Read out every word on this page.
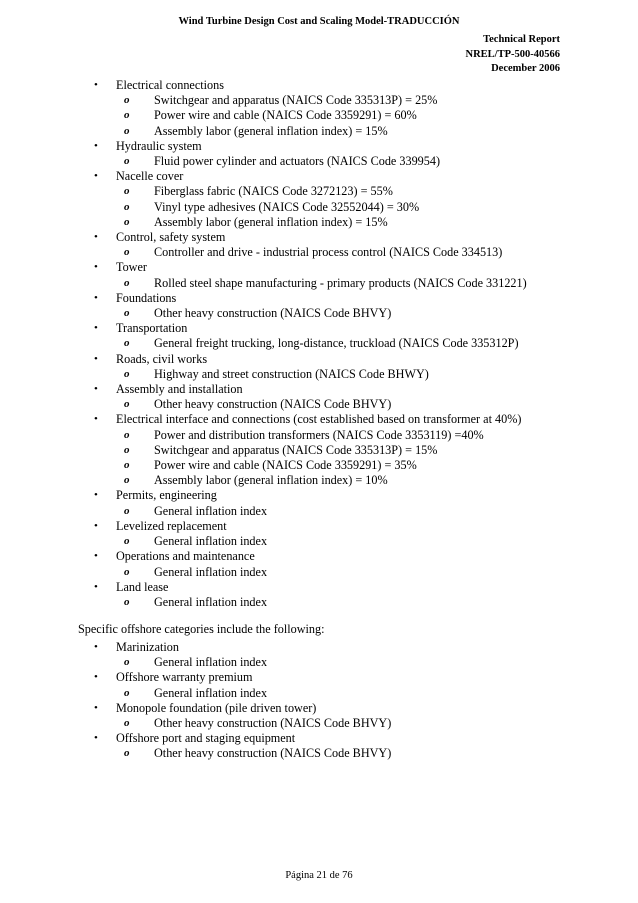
Wind Turbine Design Cost and Scaling Model-TRADUCCIÓN
Technical Report
NREL/TP-500-40566
December 2006
• Electrical connections
o Switchgear and apparatus (NAICS Code 335313P) = 25%
o Power wire and cable (NAICS Code 3359291) = 60%
o Assembly labor (general inflation index) = 15%
• Hydraulic system
o Fluid power cylinder and actuators (NAICS Code 339954)
• Nacelle cover
o Fiberglass fabric (NAICS Code 3272123) = 55%
o Vinyl type adhesives (NAICS Code 32552044) = 30%
o Assembly labor (general inflation index) = 15%
• Control, safety system
o Controller and drive - industrial process control (NAICS Code 334513)
• Tower
o Rolled steel shape manufacturing - primary products (NAICS Code 331221)
• Foundations
o Other heavy construction (NAICS Code BHVY)
• Transportation
o General freight trucking, long-distance, truckload (NAICS Code 335312P)
• Roads, civil works
o Highway and street construction (NAICS Code BHWY)
• Assembly and installation
o Other heavy construction (NAICS Code BHVY)
• Electrical interface and connections (cost established based on transformer at 40%)
o Power and distribution transformers (NAICS Code 3353119) =40%
o Switchgear and apparatus (NAICS Code 335313P) = 15%
o Power wire and cable (NAICS Code 3359291) = 35%
o Assembly labor (general inflation index) = 10%
• Permits, engineering
o General inflation index
• Levelized replacement
o General inflation index
• Operations and maintenance
o General inflation index
• Land lease
o General inflation index
Specific offshore categories include the following:
• Marinization
o General inflation index
• Offshore warranty premium
o General inflation index
• Monopole foundation (pile driven tower)
o Other heavy construction (NAICS Code BHVY)
• Offshore port and staging equipment
o Other heavy construction (NAICS Code BHVY)
Página 21 de 76
